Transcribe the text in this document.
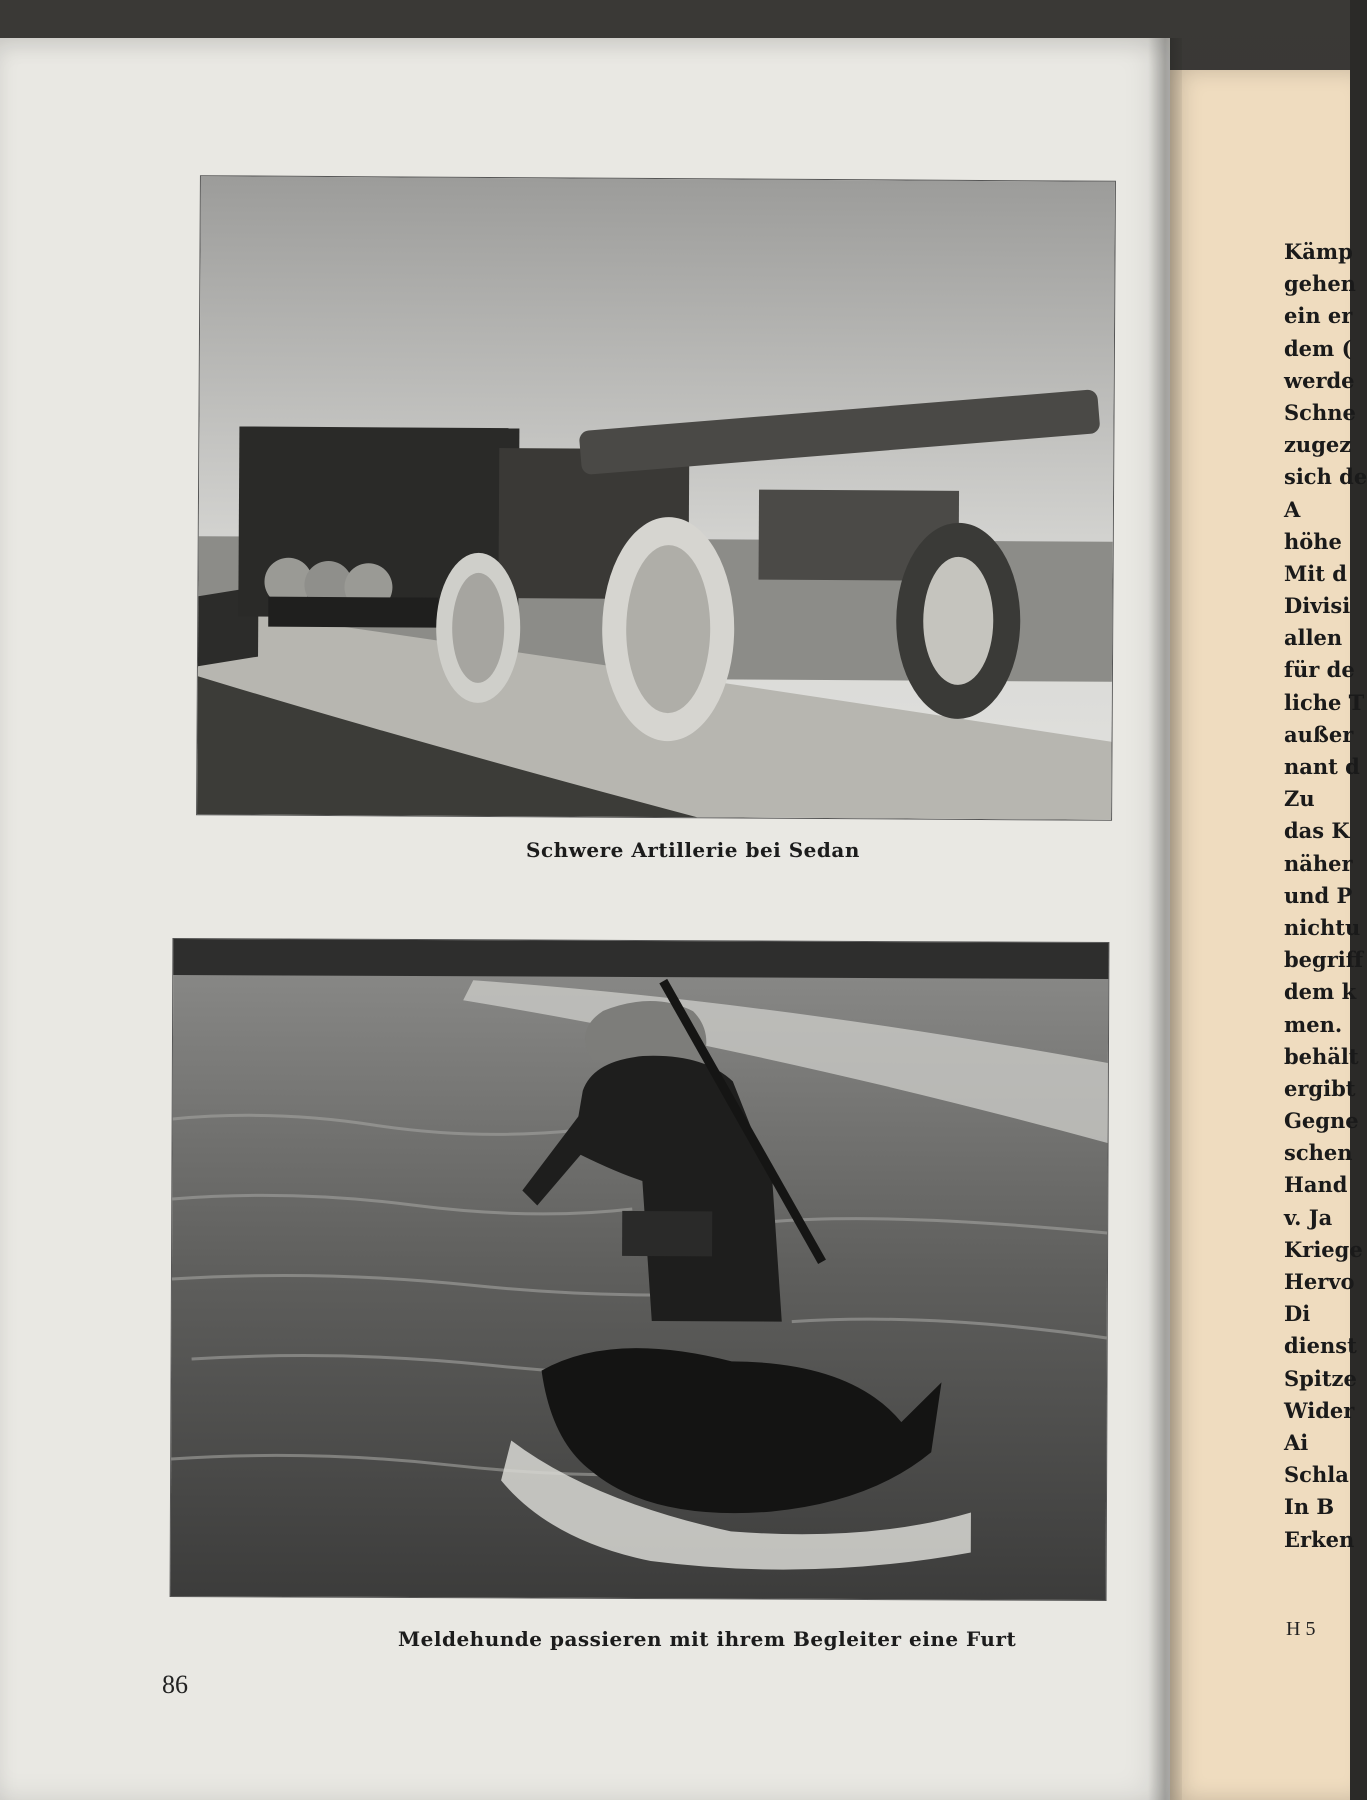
Schwere Artillerie bei Sedan
Meldehunde passieren mit ihrem Begleiter eine Furt
86
Kämp
gehen
ein er
dem (
werde
Schne
zugez
sich de
A
höhe
Mit d
Divisi
allen
für de
liche T
außer
nant d
Zu
das K
näher
und P
nichtu
begriff
dem k
men.
behält
ergibt
Gegne
schen
Hand
v. Ja
Kriege
Hervo
Di
dienst
Spitze
Wider
Ai
Schla
In B
Erken
H 5
